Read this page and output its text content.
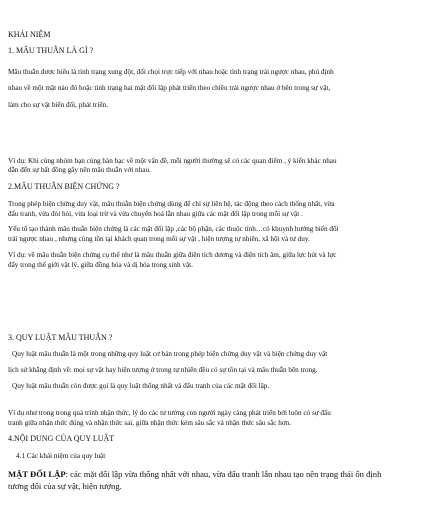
KHÁI NIỆM
1. MÂU THUẪN LÀ GÌ ?
Mâu thuẫn được hiểu là tình trạng xung đột, đối chọi trực tiếp với nhau hoặc tình trạng trái ngược nhau, phủ định
nhau về một mặt nào đó hoặc tình trạng hai mặt đối lập phát triển theo chiều trái ngược nhau ở bên trong sự vật,
làm cho sự vật biến đổi, phát triển.
Ví dụ: Khi cùng nhóm bạn cùng bàn bạc về một vấn đề, mỗi người thường sẽ có các quan điểm , ý kiến khác nhau
dẫn đến sự bất đồng gây nên mâu thuẫn với nhau.
2.MÂU THUẪN BIỆN CHỨNG ?
Trong phép biện chứng duy vật, mâu thuẫn biện chứng dùng để chỉ sự liên hệ, tác động theo cách thống nhất, vừa
đấu tranh, vừa đòi hỏi, vừa loại trừ và vừa chuyển hoá lẫn nhau giữa các mặt đối lập trong mỗi sự vật .
Yếu tố tạo thành mâu thuẫn biện chứng là các mặt đối lập ,các bộ phận, các thuộc tính…có khuynh hướng biến đổi
trái ngược nhau , nhưng cùng tồn tại khách quan trong mỗi sự vật , hiện tượng tự nhiên, xã hội và tư duy.
Ví dụ: về mâu thuẫn biện chứng cụ thể như là mâu thuẫn giữa điện tích dương và điện tích âm, giữa lực hút và lực
đẩy trong thế giới vật lý, giữa đồng hóa và dị hóa trong sinh vật.
3. QUY LUẬT MÂU THUẪN ?
Quy luật mâu thuẫn là một trong những quy luật cơ bản trong phép biện chứng duy vật và biện chứng duy vật
lịch sử khẳng định về: mọi sự vật hay hiện tượng ở trong tự nhiên đều có sự tồn tại và mâu thuẫn bên trong.
Quy luật mâu thuẫn còn được gọi là quy luật thống nhất và đấu tranh của các mặt đối lập.
Ví dụ như trong trong quá trình nhận thức, lý do các tư tưởng con người ngày càng phát triển bởi luôn có sự đấu
tranh giữa nhận thức đúng và nhận thức sai, giữa nhận thức kém sâu sắc và nhận thức sâu sắc hơn.
4.NỘI DUNG CỦA QUY LUẬT
4.1 Các khái niệm của quy luật
MẶT ĐỐI LẬP: các mặt đối lập vừa thống nhất với nhau, vừa đấu tranh lẫn nhau tạo nên trạng thái ổn định
tương đối của sự vật, hiện tượng.
